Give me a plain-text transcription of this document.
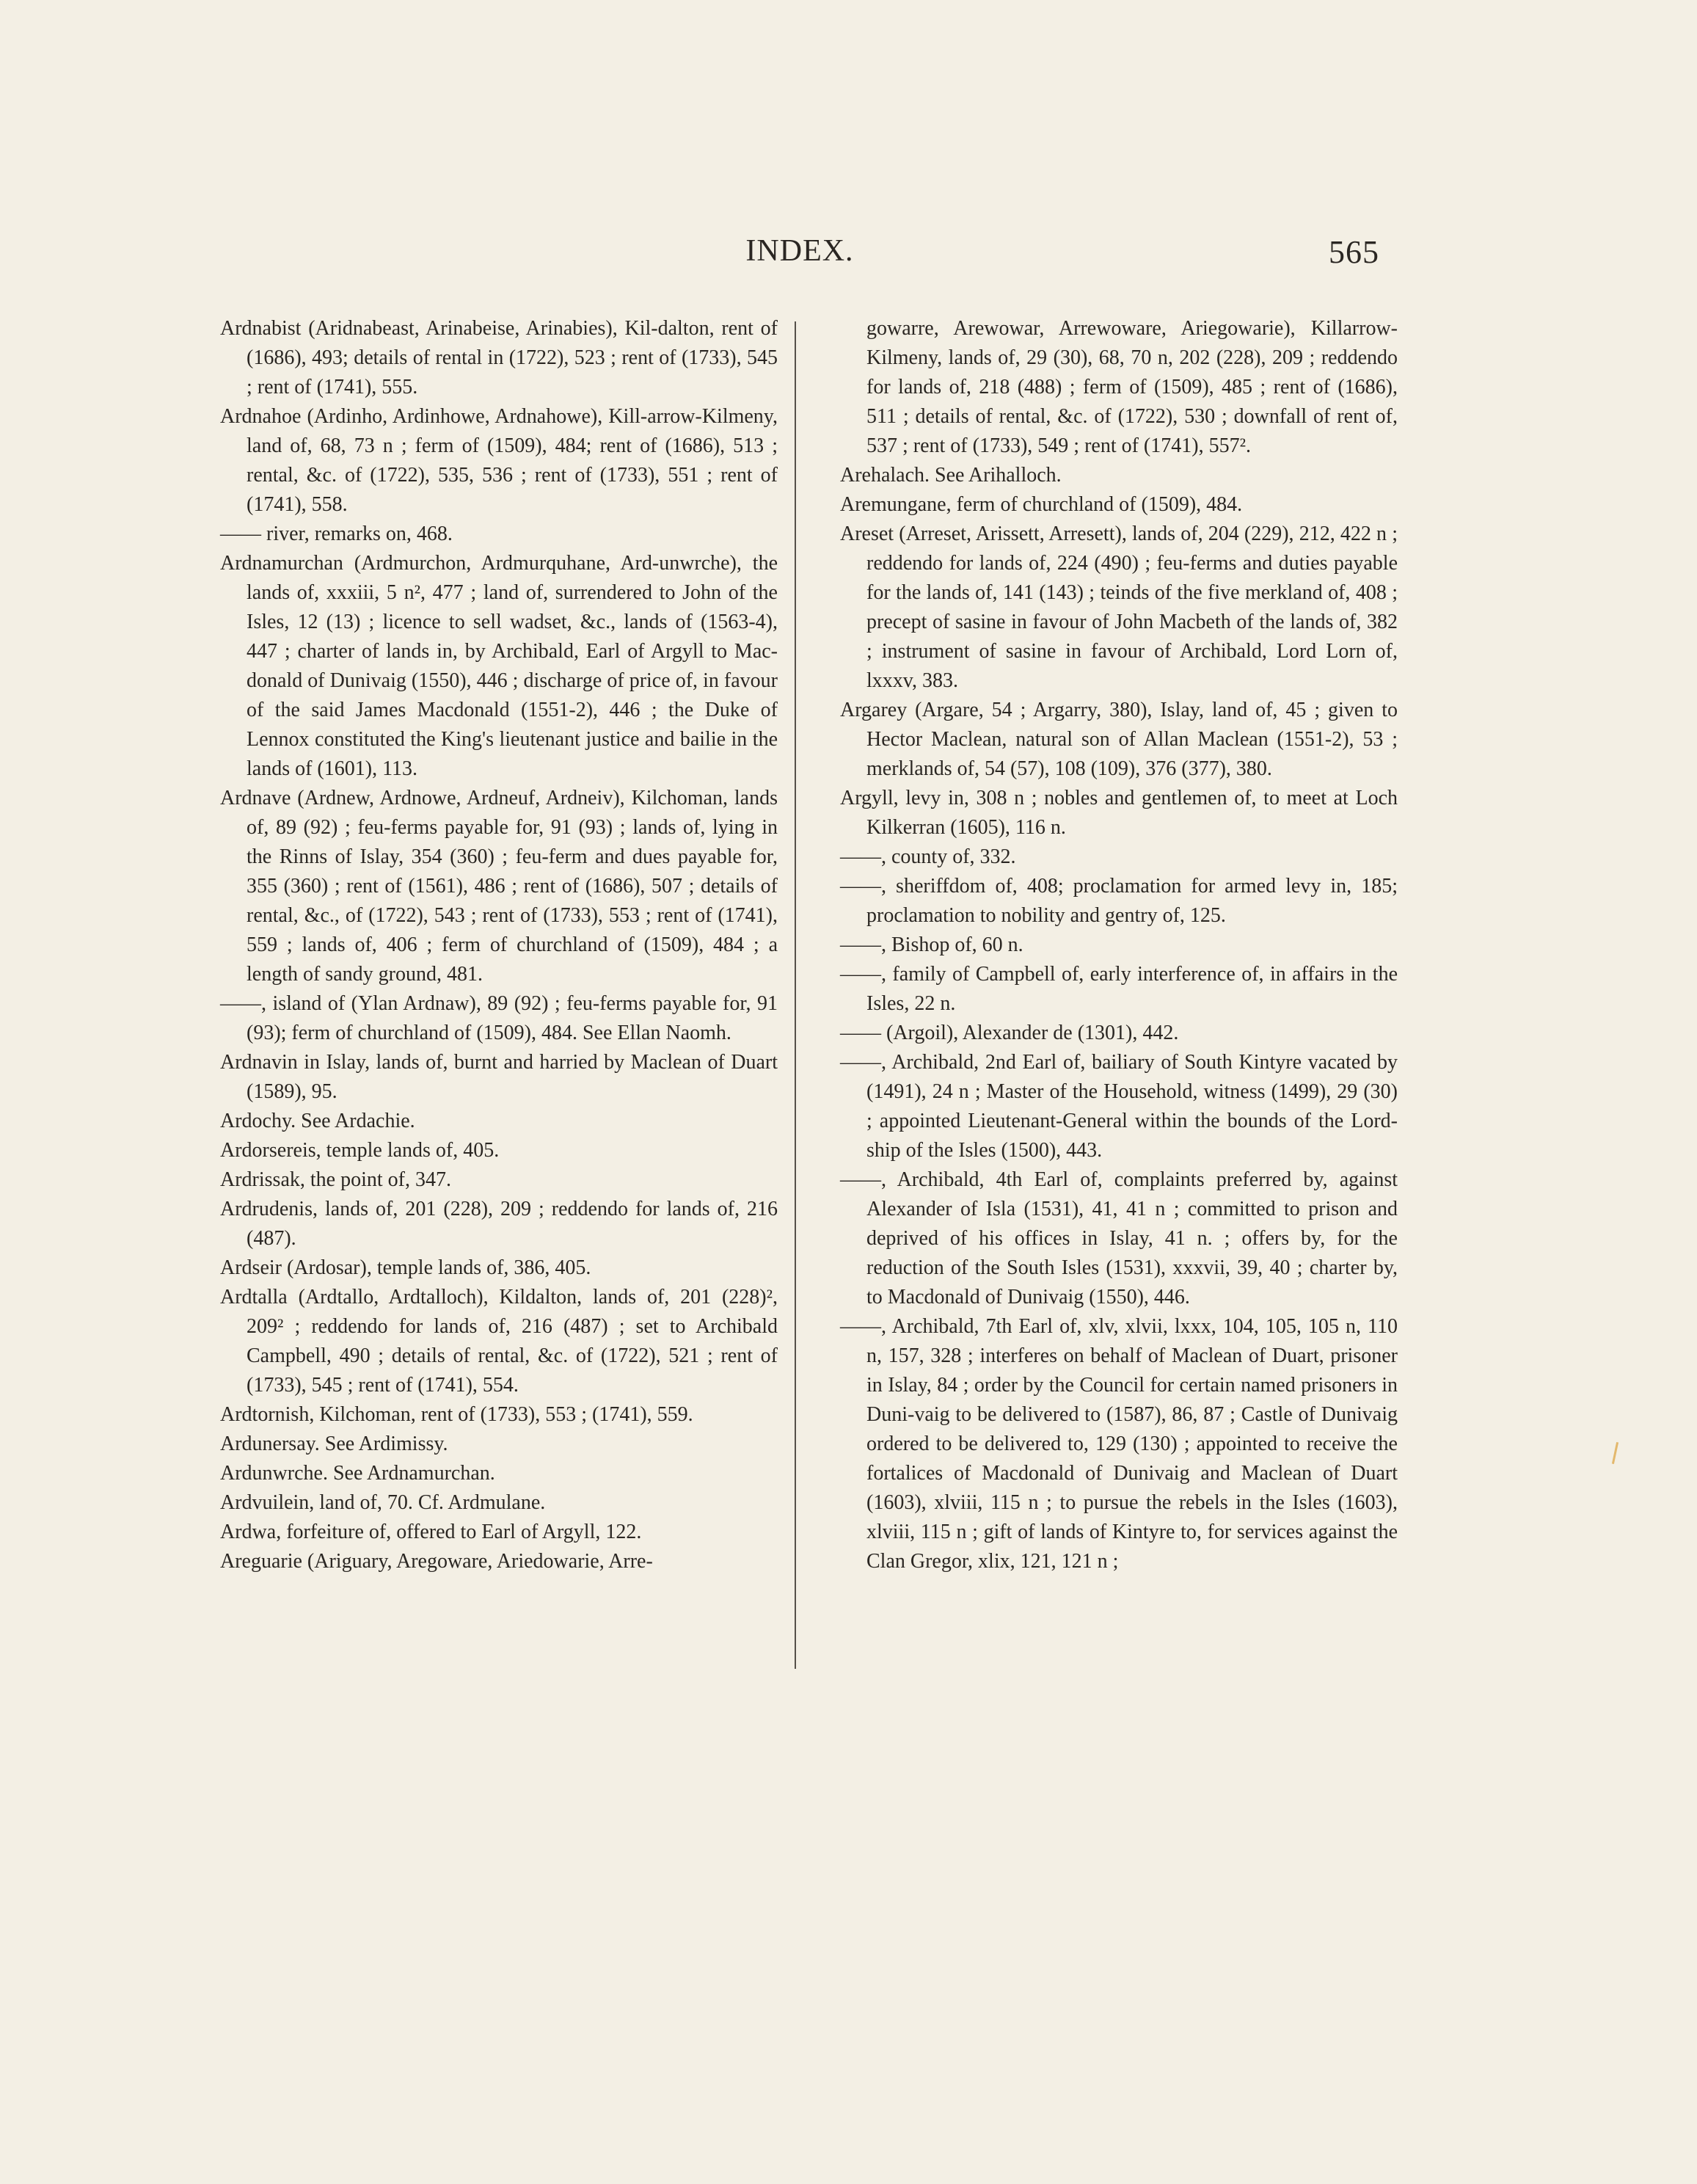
INDEX.	565

Ardnabist (Aridnabeast, Arinabeise, Arinabies), Kil-dalton, rent of (1686), 493; details of rental in (1722), 523 ; rent of (1733), 545 ; rent of (1741), 555.

Ardnahoe (Ardinho, Ardinhowe, Ardnahowe), Kill-arrow-Kilmeny, land of, 68, 73 n ; ferm of (1509), 484; rent of (1686), 513 ; rental, &c. of (1722), 535, 536 ; rent of (1733), 551 ; rent of (1741), 558.

—— river, remarks on, 468.

Ardnamurchan (Ardmurchon, Ardmurquhane, Ard-unwrche), the lands of, xxxiii, 5 n², 477 ; land of, surrendered to John of the Isles, 12 (13) ; licence to sell wadset, &c., lands of (1563-4), 447 ; charter of lands in, by Archibald, Earl of Argyll to Mac-donald of Dunivaig (1550), 446 ; discharge of price of, in favour of the said James Macdonald (1551-2), 446 ; the Duke of Lennox constituted the King's lieutenant justice and bailie in the lands of (1601), 113.

Ardnave (Ardnew, Ardnowe, Ardneuf, Ardneiv), Kilchoman, lands of, 89 (92) ; feu-ferms payable for, 91 (93) ; lands of, lying in the Rinns of Islay, 354 (360) ; feu-ferm and dues payable for, 355 (360) ; rent of (1561), 486 ; rent of (1686), 507 ; details of rental, &c., of (1722), 543 ; rent of (1733), 553 ; rent of (1741), 559 ; lands of, 406 ; ferm of churchland of (1509), 484 ; a length of sandy ground, 481.

——, island of (Ylan Ardnaw), 89 (92) ; feu-ferms payable for, 91 (93); ferm of churchland of (1509), 484. See Ellan Naomh.

Ardnavin in Islay, lands of, burnt and harried by Maclean of Duart (1589), 95.

Ardochy. See Ardachie.

Ardorsereis, temple lands of, 405.

Ardrissak, the point of, 347.

Ardrudenis, lands of, 201 (228), 209 ; reddendo for lands of, 216 (487).

Ardseir (Ardosar), temple lands of, 386, 405.

Ardtalla (Ardtallo, Ardtalloch), Kildalton, lands of, 201 (228)², 209² ; reddendo for lands of, 216 (487) ; set to Archibald Campbell, 490 ; details of rental, &c. of (1722), 521 ; rent of (1733), 545 ; rent of (1741), 554.

Ardtornish, Kilchoman, rent of (1733), 553 ; (1741), 559.

Ardunersay. See Ardimissy.

Ardunwrche. See Ardnamurchan.

Ardvuilein, land of, 70. Cf. Ardmulane.

Ardwa, forfeiture of, offered to Earl of Argyll, 122.

Areguarie (Ariguary, Aregoware, Ariedowarie, Arre-

gowarre, Arewowar, Arrewoware, Ariegowarie), Killarrow-Kilmeny, lands of, 29 (30), 68, 70 n, 202 (228), 209 ; reddendo for lands of, 218 (488) ; ferm of (1509), 485 ; rent of (1686), 511 ; details of rental, &c. of (1722), 530 ; downfall of rent of, 537 ; rent of (1733), 549 ; rent of (1741), 557².

Arehalach. See Arihalloch.

Aremungane, ferm of churchland of (1509), 484.

Areset (Arreset, Arissett, Arresett), lands of, 204 (229), 212, 422 n ; reddendo for lands of, 224 (490) ; feu-ferms and duties payable for the lands of, 141 (143) ; teinds of the five merkland of, 408 ; precept of sasine in favour of John Macbeth of the lands of, 382 ; instrument of sasine in favour of Archibald, Lord Lorn of, lxxxv, 383.

Argarey (Argare, 54 ; Argarry, 380), Islay, land of, 45 ; given to Hector Maclean, natural son of Allan Maclean (1551-2), 53 ; merklands of, 54 (57), 108 (109), 376 (377), 380.

Argyll, levy in, 308 n ; nobles and gentlemen of, to meet at Loch Kilkerran (1605), 116 n.

——, county of, 332.

——, sheriffdom of, 408; proclamation for armed levy in, 185; proclamation to nobility and gentry of, 125.

——, Bishop of, 60 n.

——, family of Campbell of, early interference of, in affairs in the Isles, 22 n.

—— (Argoil), Alexander de (1301), 442.

——, Archibald, 2nd Earl of, bailiary of South Kintyre vacated by (1491), 24 n ; Master of the Household, witness (1499), 29 (30) ; appointed Lieutenant-General within the bounds of the Lord-ship of the Isles (1500), 443.

——, Archibald, 4th Earl of, complaints preferred by, against Alexander of Isla (1531), 41, 41 n ; committed to prison and deprived of his offices in Islay, 41 n. ; offers by, for the reduction of the South Isles (1531), xxxvii, 39, 40 ; charter by, to Macdonald of Dunivaig (1550), 446.

——, Archibald, 7th Earl of, xlv, xlvii, lxxx, 104, 105, 105 n, 110 n, 157, 328 ; interferes on behalf of Maclean of Duart, prisoner in Islay, 84 ; order by the Council for certain named prisoners in Duni-vaig to be delivered to (1587), 86, 87 ; Castle of Dunivaig ordered to be delivered to, 129 (130) ; appointed to receive the fortalices of Macdonald of Dunivaig and Maclean of Duart (1603), xlviii, 115 n ; to pursue the rebels in the Isles (1603), xlviii, 115 n ; gift of lands of Kintyre to, for services against the Clan Gregor, xlix, 121, 121 n ;
